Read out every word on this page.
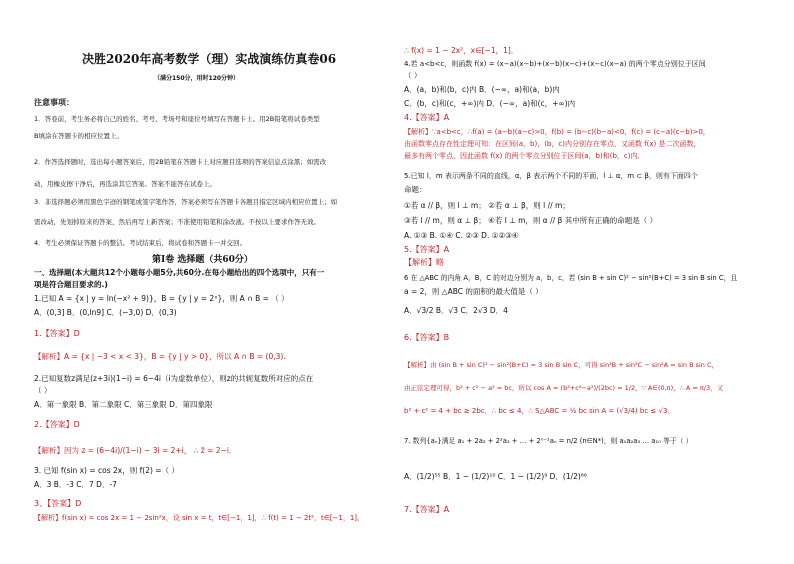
决胜2020年高考数学（理）实战演练仿真卷06
（满分150分，用时120分钟）
注意事项：
1．答卷前，考生务必将自己的姓名、考号、考场号和座位号填写在答题卡上。用2B铅笔将试卷类型
B填涂在答题卡的相应位置上。
2．作答选择题时，选出每小题答案后，用2B铅笔在答题卡上对应题目选项的答案信息点涂黑；如需改
动，用橡皮擦干净后，再选涂其它答案。答案不能答在试卷上。
3．非选择题必须用黑色字迹的钢笔或签字笔作答，答案必须写在答题卡各题目指定区域内相应位置上；如
需改动，先划掉原来的答案，然后再写上新答案；不准使用铅笔和涂改液。不按以上要求作答无效。
4．考生必须保证答题卡的整洁。考试结束后，将试卷和答题卡一并交回。
第Ⅰ卷 选择题（共60分）
一、选择题(本大题共12个小题每小题5分,共60分.在每小题给出的四个选项中，只有一
项是符合题目要求的.)
1.已知 A = {x | y = ln(−x² + 9)}，B = {y | y = 2ˣ}，则 A ∩ B = （ ）
A．(0,3] B．(0,ln9] C．(−3,0) D．(0,3)
1.【答案】D
【解析】A = {x | −3 < x < 3}，B = {y | y > 0}，所以 A ∩ B = (0,3).
2.已知复数z满足(z+3i)(1−i) = 6−4i（i为虚数单位），则z的共轭复数所对应的点在
（ ）
A．第一象限 B．第二象限 C．第三象限 D．第四象限
2.【答案】D
【解析】因为 z = (6−4i)/(1−i) − 3i = 2+i， ∴ z̄ = 2−i．
3. 已知 f(sin x) = cos 2x，则 f(2) =（ ）
A．3 B．-3 C．7 D．-7
3、【答案】D
【解析】f(sin x) = cos 2x = 1 − 2sin²x，设 sin x = t，t∈[−1，1]，∴ f(t) = 1 − 2t²，t∈[−1，1]，
∴ f(x) = 1 − 2x²，x∈[−1，1]．
4.若 a<b<c，则函数 f(x) = (x−a)(x−b)+(x−b)(x−c)+(x−c)(x−a) 的两个零点分别位于区间
（ ）
A．(a，b)和(b，c)内 B．(−∞，a)和(a，b)内
C．(b，c)和(c，+∞)内 D．(−∞，a)和(c，+∞)内
4.【答案】A
【解析】∵a<b<c，∴f(a) = (a−b)(a−c)>0，f(b) = (b−c)(b−a)<0，f(c) = (c−a)(c−b)>0，
由函数零点存在性定理可知：在区间(a，b)，(b，c)内分别存在零点，又函数 f(x) 是二次函数，
最多有两个零点，因此函数 f(x) 的两个零点分别位于区间(a，b)和(b，c)内．
5.已知 l，m 表示两条不同的直线，α，β 表示两个不同的平面，l ⊥ α，m ⊂ β，则有下面四个
命题：
①若 α // β，则 l ⊥ m； ②若 α ⊥ β，则 l // m；
③若 l // m，则 α ⊥ β； ④若 l ⊥ m，则 α // β 其中所有正确的命题是（ ）
A. ①③ B. ①④ C. ②③ D. ①②③④
5.【答案】A
【解析】略
6 在 △ABC 的内角 A，B，C 的对边分别为 a，b，c，若 (sin B + sin C)² − sin²(B+C) = 3 sin B sin C，且
a = 2，则 △ABC 的面积的最大值是（ ）
A．√3/2 B．√3 C．2√3 D．4
6.【答案】B
【解析】由 (sin B + sin C)² − sin²(B+C) = 3 sin B sin C，可得 sin²B + sin²C − sin²A = sin B sin C，
由正弦定理可得，b² + c² − a² = bc，所以 cos A = (b²+c²−a²)/(2bc) = 1/2，∵ A∈(0,π)，∴ A = π/3，又
b² + c² = 4 + bc ≥ 2bc，∴ bc ≤ 4，∴ S△ABC = ½ bc sin A = (√3/4) bc ≤ √3．
7. 数列{aₙ}满足 a₁ + 2a₂ + 2²a₃ + … + 2ⁿ⁻¹aₙ = n/2 (n∈N*)，则 a₁a₂a₃ … a₁₀ 等于（ ）
A．(1/2)⁵⁵ B．1 − (1/2)¹⁰ C．1 − (1/2)⁹ D．(1/2)⁶⁶
7.【答案】A
